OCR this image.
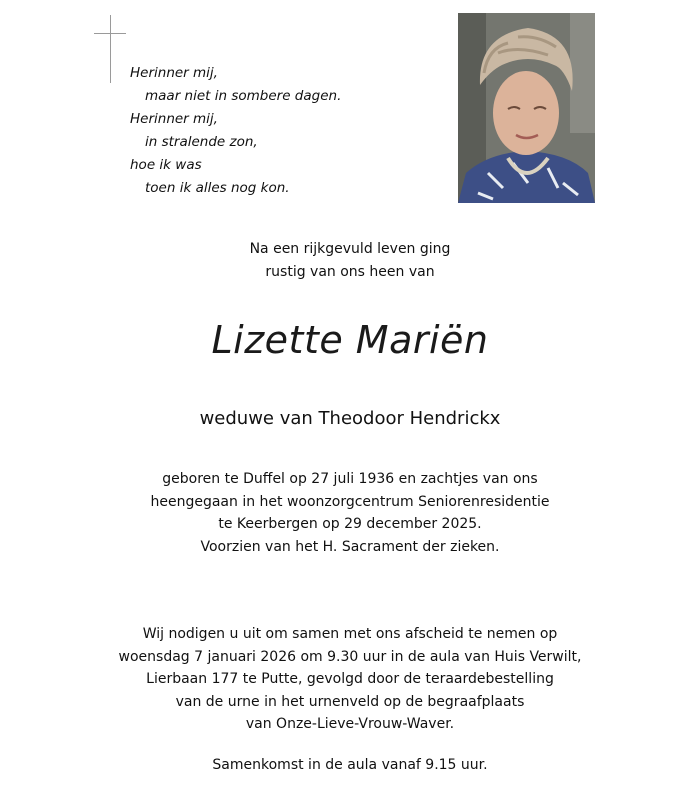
Herinner mij,
maar niet in sombere dagen.
Herinner mij,
in stralende zon,
hoe ik was
toen ik alles nog kon.
Na een rijkgevuld leven ging
rustig van ons heen van
Lizette Mariën
weduwe van Theodoor Hendrickx
geboren te Duffel op 27 juli 1936 en zachtjes van ons
heengegaan in het woonzorgcentrum Seniorenresidentie
te Keerbergen op 29 december 2025.
Voorzien van het H. Sacrament der zieken.
Wij nodigen u uit om samen met ons afscheid te nemen op
woensdag 7 januari 2026 om 9.30 uur in de aula van Huis Verwilt,
Lierbaan 177 te Putte, gevolgd door de teraardebestelling
van de urne in het urnenveld op de begraafplaats
van Onze-Lieve-Vrouw-Waver.
Samenkomst in de aula vanaf 9.15 uur.
